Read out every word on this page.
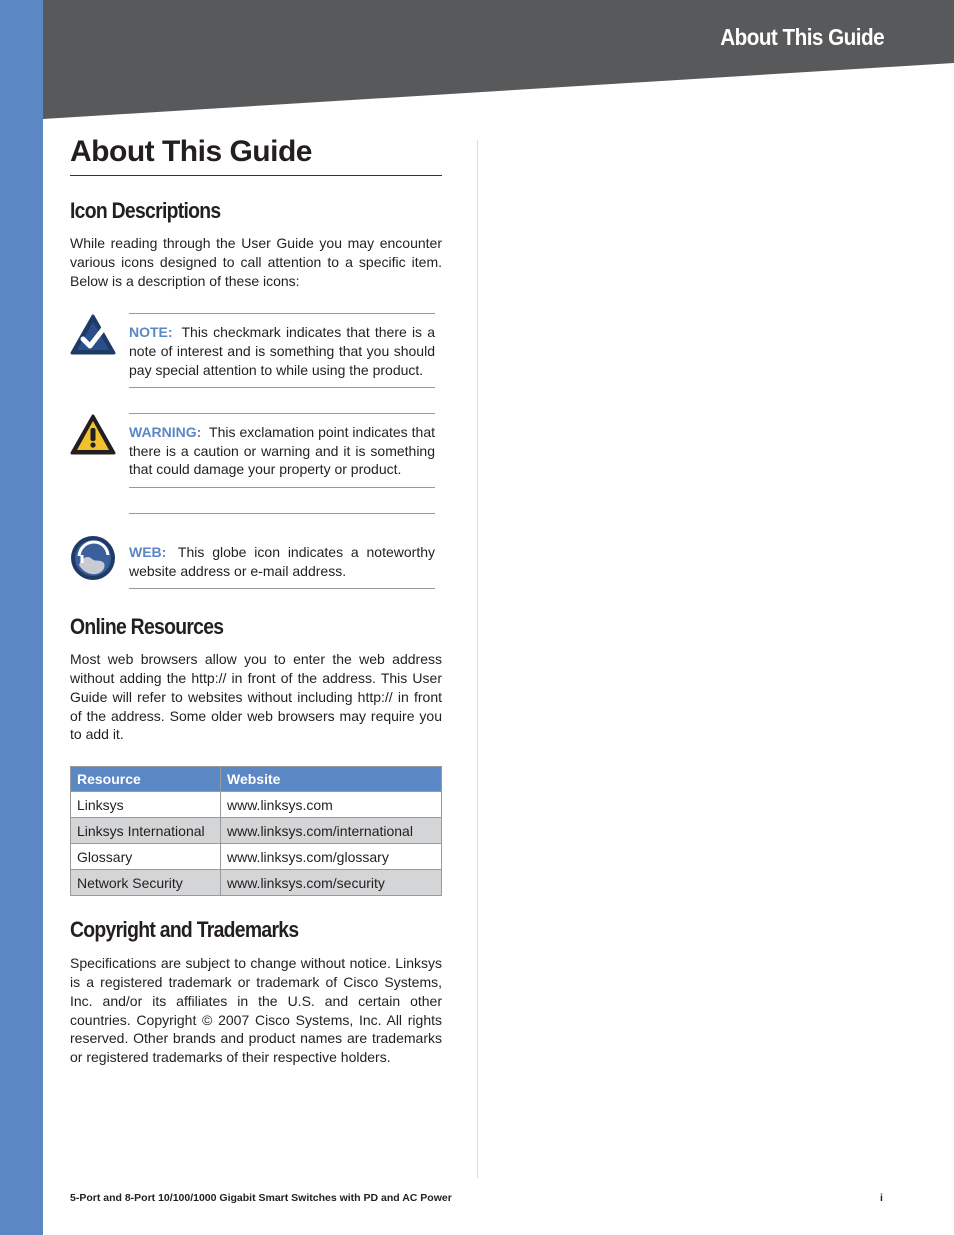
About This Guide
About This Guide
Icon Descriptions

While reading through the User Guide you may encounter various icons designed to call attention to a specific item. Below is a description of these icons:

NOTE: This checkmark indicates that there is a note of interest and is something that you should pay special attention to while using the product.

WARNING: This exclamation point indicates that there is a caution or warning and it is something that could damage your property or product.

WEB: This globe icon indicates a noteworthy website address or e-mail address.

Online Resources

Most web browsers allow you to enter the web address without adding the http:// in front of the address. This User Guide will refer to websites without including http:// in front of the address. Some older web browsers may require you to add it.

Resource	Website
Linksys	www.linksys.com
Linksys International	www.linksys.com/international
Glossary	www.linksys.com/glossary
Network Security	www.linksys.com/security
Copyright and Trademarks

Specifications are subject to change without notice. Linksys is a registered trademark or trademark of Cisco Systems, Inc. and/or its affiliates in the U.S. and certain other countries. Copyright © 2007 Cisco Systems, Inc. All rights reserved. Other brands and product names are trademarks or registered trademarks of their respective holders.

5-Port and 8-Port 10/100/1000 Gigabit Smart Switches with PD and AC Power	i
